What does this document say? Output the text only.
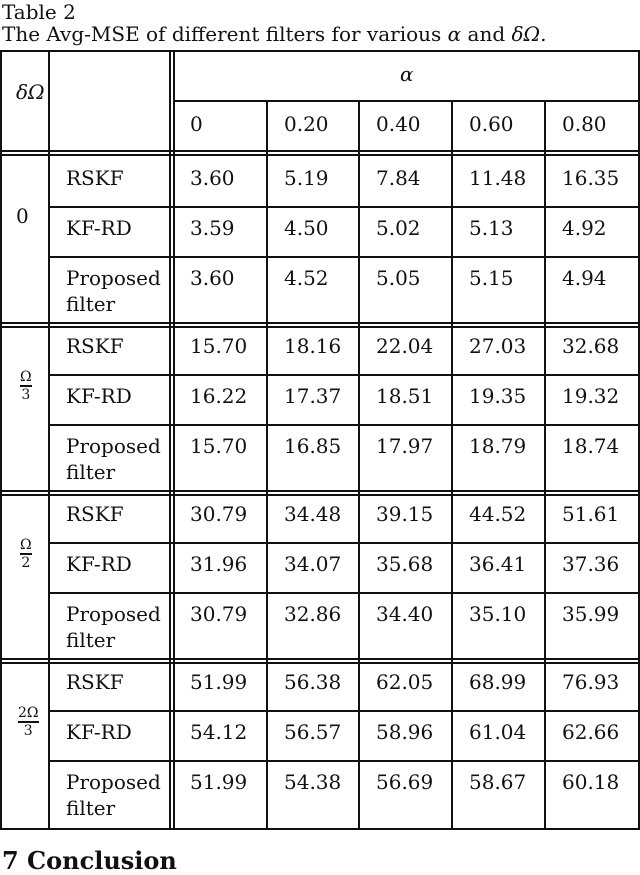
Table 2
The Avg-MSE of different filters for various α and δΩ.
δΩ
α
0	0.20 0.40 0.60 0.80
0
RSKF
KF-RD
Proposed
filter
3.60 5.19 7.84 11.48 16.35
3.59 4.50 5.02 5.13 4.92
3.60 4.52 5.05 5.15 4.94
Ω
3
RSKF
KF-RD
Proposed
filter
15.70 18.16 22.04 27.03 32.68
16.22 17.37 18.51 19.35 19.32
15.70 16.85 17.97 18.79 18.74
Ω
2
RSKF
KF-RD
Proposed
filter
30.79 34.48 39.15 44.52 51.61
31.96 34.07 35.68 36.41 37.36
30.79 32.86 34.40 35.10 35.99
2Ω
3
RSKF
KF-RD
Proposed
filter
51.99 56.38 62.05 68.99 76.93
54.12 56.57 58.96 61.04 62.66
51.99 54.38 56.69 58.67 60.18
7 Conclusion
